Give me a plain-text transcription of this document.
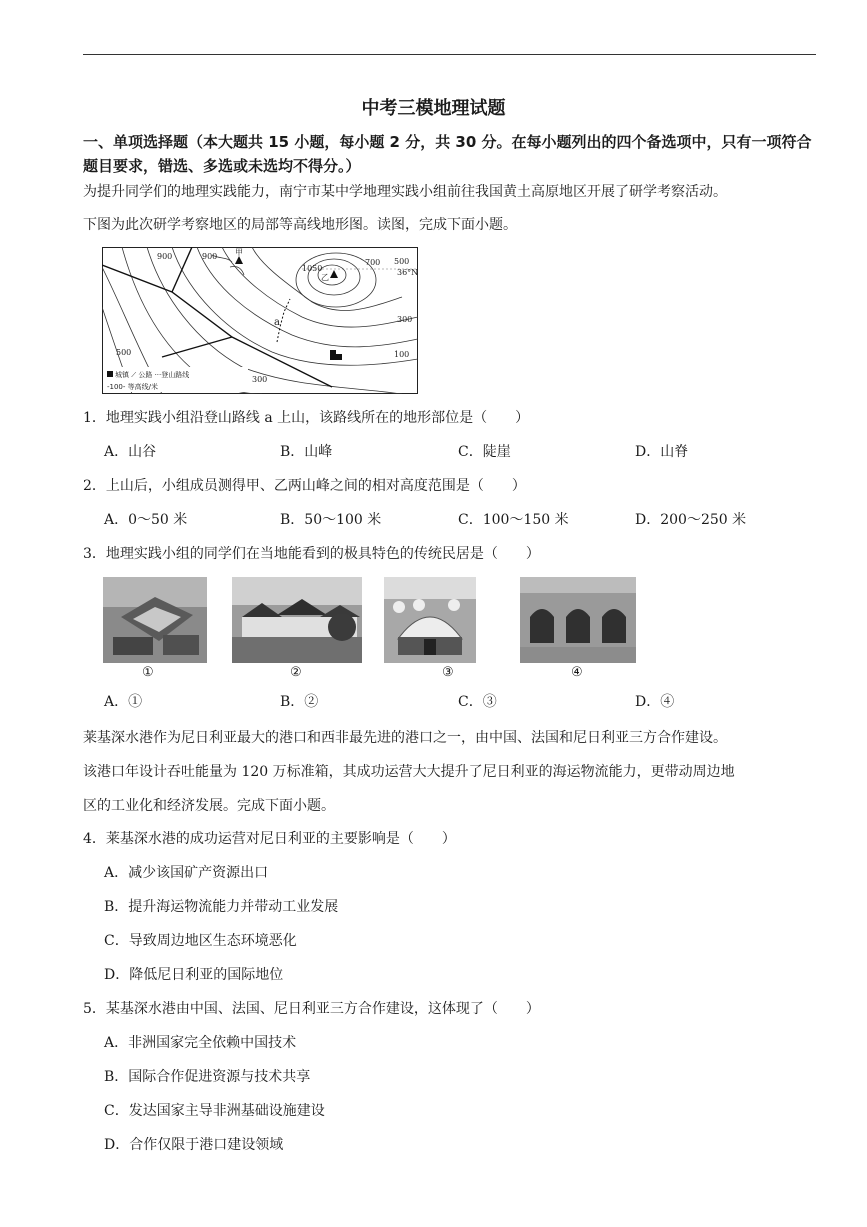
中考三模地理试题
一、单项选择题（本大题共 15 小题，每小题 2 分，共 30 分。在每小题列出的四个备选项中，只有一项符合题目要求，错选、多选或未选均不得分。）
为提升同学们的地理实践能力，南宁市某中学地理实践小组前往我国黄土高原地区开展了研学考察活动。
下图为此次研学考察地区的局部等高线地形图。读图，完成下面小题。
900	900 甲
1050
乙
700 500
36°N
300
a
500	100
300
城镇 ⟋ 公路 ···登山路线
-100- 等高线/米
1．地理实践小组沿登山路线 a 上山，该路线所在的地形部位是（　　）
A．山谷	B．山峰	C．陡崖	D．山脊
2．上山后，小组成员测得甲、乙两山峰之间的相对高度范围是（　　）
A．0～50 米	B．50～100 米	C．100～150 米	D．200～250 米
3．地理实践小组的同学们在当地能看到的极具特色的传统民居是（　　）
①	②	③	④
A．①	B．②	C．③	D．④
莱基深水港作为尼日利亚最大的港口和西非最先进的港口之一，由中国、法国和尼日利亚三方合作建设。
该港口年设计吞吐能量为 120 万标准箱，其成功运营大大提升了尼日利亚的海运物流能力，更带动周边地
区的工业化和经济发展。完成下面小题。
4．莱基深水港的成功运营对尼日利亚的主要影响是（　　）
A．减少该国矿产资源出口
B．提升海运物流能力并带动工业发展
C．导致周边地区生态环境恶化
D．降低尼日利亚的国际地位
5．某基深水港由中国、法国、尼日利亚三方合作建设，这体现了（　　）
A．非洲国家完全依赖中国技术
B．国际合作促进资源与技术共享
C．发达国家主导非洲基础设施建设
D．合作仅限于港口建设领域
